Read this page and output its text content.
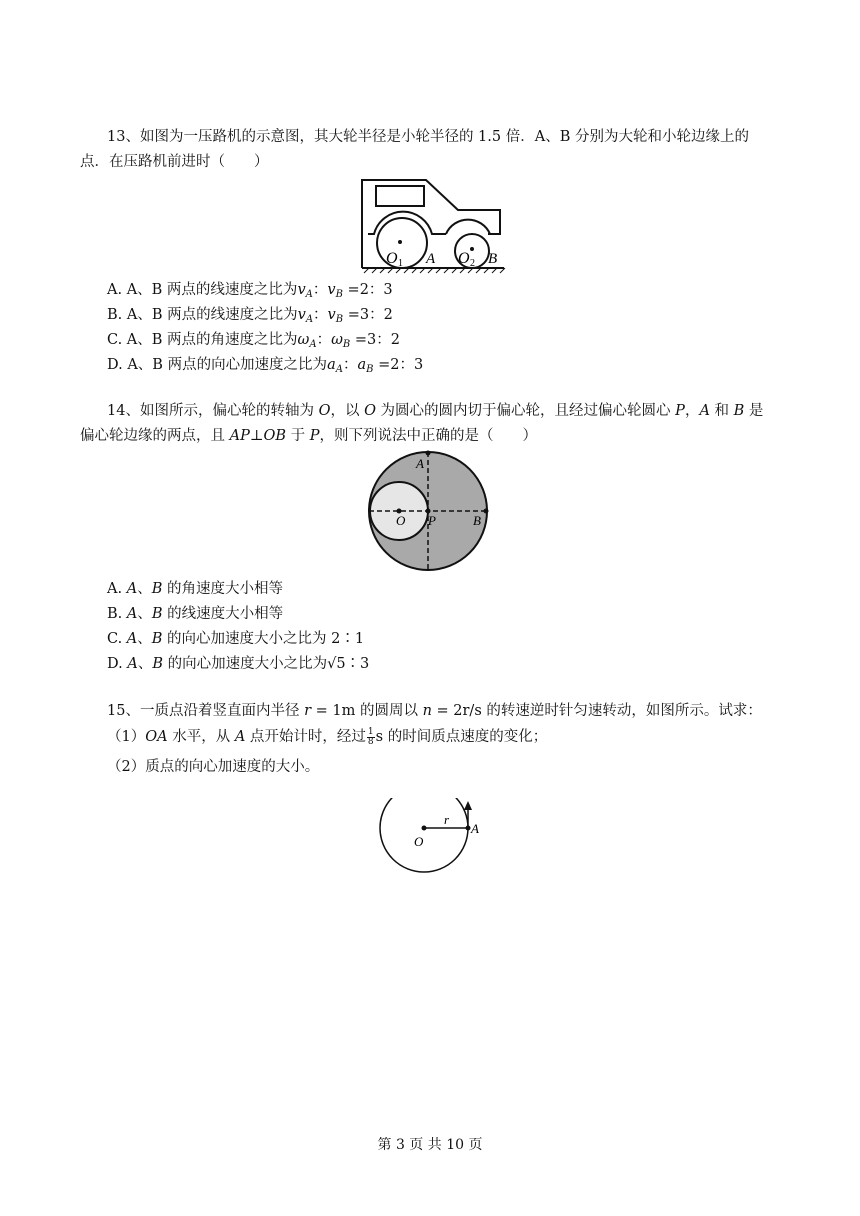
13、如图为一压路机的示意图，其大轮半径是小轮半径的 1.5 倍．A、B 分别为大轮和小轮边缘上的
点．在压路机前进时（　　）
O 1 A O 2 B
A. A、B 两点的线速度之比为$v_A$：$v_B =2$：3
B. A、B 两点的线速度之比为$v_A$：$v_B =3$：2
C. A、B 两点的角速度之比为$\omega_A$：$\omega_B =3$：2
D. A、B 两点的向心加速度之比为$a_A$：$a_B =2$：3
14、如图所示，偏心轮的转轴为 O，以 O 为圆心的圆内切于偏心轮，且经过偏心轮圆心 P，A 和 B 是
偏心轮边缘的两点，且 AP⊥OB 于 P，则下列说法中正确的是（　　）
A
O P	B
A. A、B 的角速度大小相等
B. A、B 的线速度大小相等
C. A、B 的向心加速度大小之比为 2∶1
D. A、B 的向心加速度大小之比为√5∶3
15、一质点沿着竖直面内半径 r = 1m 的圆周以 n = 2r/s 的转速逆时针匀速转动，如图所示。试求：
（1）OA 水平，从 A 点开始计时，经过 $\frac{1}{8}$ s 的时间质点速度的变化；
（2）质点的向心加速度的大小。
r
A
O
第 3 页 共 10 页
